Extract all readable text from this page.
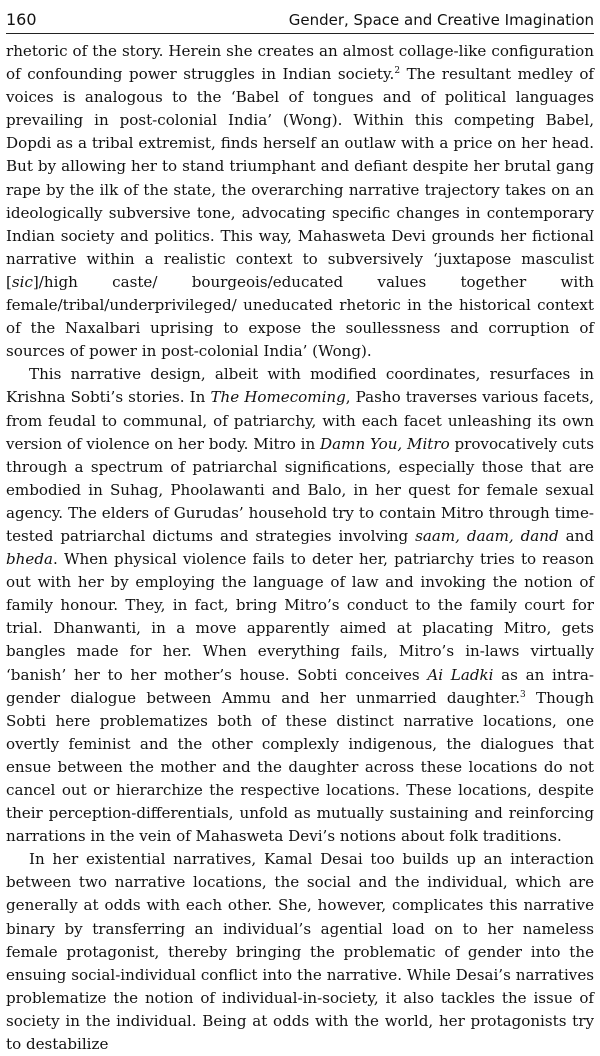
160	Gender, Space and Creative Imagination

rhetoric of the story. Herein she creates an almost collage-like configuration of confounding power struggles in Indian society.$^2$ The resultant medley of voices is analogous to the ‘Babel of tongues and of political languages prevailing in post-colonial India’ (Wong). Within this competing Babel, Dopdi as a tribal extremist, finds herself an outlaw with a price on her head. But by allowing her to stand triumphant and defiant despite her brutal gang rape by the ilk of the state, the overarching narrative trajectory takes on an ideologically subversive tone, advocating specific changes in contemporary Indian society and politics. This way, Mahasweta Devi grounds her fictional narrative within a realistic context to subversively ‘juxtapose masculist [sic]/high caste/ bourgeois/educated values together with female/tribal/underprivileged/ uneducated rhetoric in the historical context of the Naxalbari uprising to expose the soullessness and corruption of sources of power in post-colonial India’ (Wong).

This narrative design, albeit with modified coordinates, resurfaces in Krishna Sobti’s stories. In The Homecoming, Pasho traverses various facets, from feudal to communal, of patriarchy, with each facet unleashing its own version of violence on her body. Mitro in Damn You, Mitro provocatively cuts through a spectrum of patriarchal significations, especially those that are embodied in Suhag, Phoolawanti and Balo, in her quest for female sexual agency. The elders of Gurudas’ household try to contain Mitro through time-tested patriarchal dictums and strategies involving saam, daam, dand and bheda. When physical violence fails to deter her, patriarchy tries to reason out with her by employing the language of law and invoking the notion of family honour. They, in fact, bring Mitro’s conduct to the family court for trial. Dhanwanti, in a move apparently aimed at placating Mitro, gets bangles made for her. When everything fails, Mitro’s in-laws virtually ‘banish’ her to her mother’s house. Sobti conceives Ai Ladki as an intra-gender dialogue between Ammu and her unmarried daughter.$^3$ Though Sobti here problematizes both of these distinct narrative locations, one overtly feminist and the other complexly indigenous, the dialogues that ensue between the mother and the daughter across these locations do not cancel out or hierarchize the respective locations. These locations, despite their perception-differentials, unfold as mutually sustaining and reinforcing narrations in the vein of Mahasweta Devi’s notions about folk traditions.

In her existential narratives, Kamal Desai too builds up an interaction between two narrative locations, the social and the individual, which are generally at odds with each other. She, however, complicates this narrative binary by transferring an individual’s agential load on to her nameless female protagonist, thereby bringing the problematic of gender into the ensuing social-individual conflict into the narrative. While Desai’s narratives problematize the notion of individual-in-society, it also tackles the issue of society in the individual. Being at odds with the world, her protagonists try to destabilize
